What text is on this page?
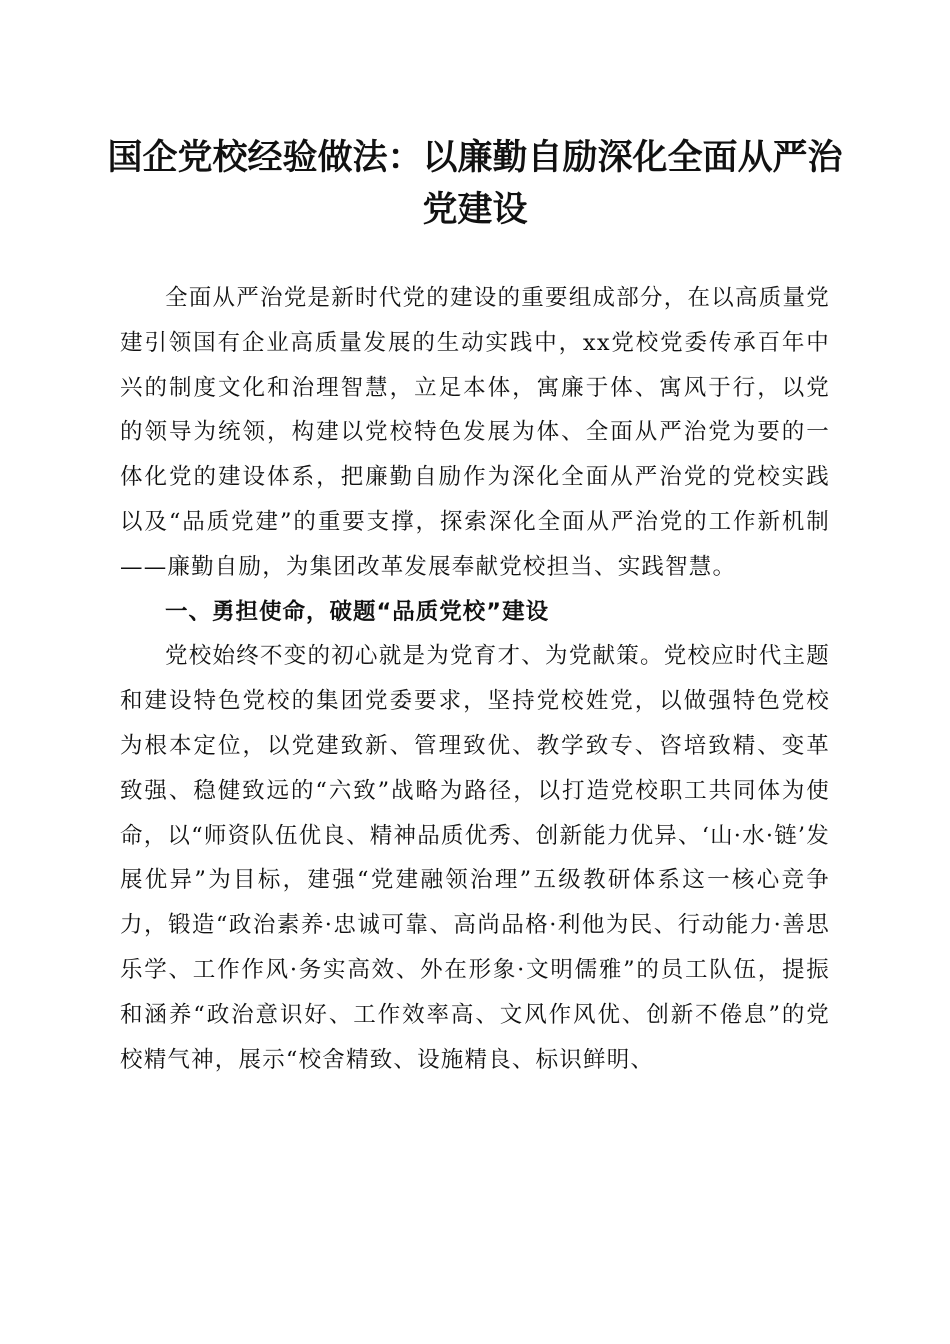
国企党校经验做法：以廉勤自励深化全面从严治党建设

全面从严治党是新时代党的建设的重要组成部分，在以高质量党建引领国有企业高质量发展的生动实践中，xx党校党委传承百年中兴的制度文化和治理智慧，立足本体，寓廉于体、寓风于行，以党的领导为统领，构建以党校特色发展为体、全面从严治党为要的一体化党的建设体系，把廉勤自励作为深化全面从严治党的党校实践以及“品质党建”的重要支撑，探索深化全面从严治党的工作新机制——廉勤自励，为集团改革发展奉献党校担当、实践智慧。

一、勇担使命，破题“品质党校”建设

党校始终不变的初心就是为党育才、为党献策。党校应时代主题和建设特色党校的集团党委要求，坚持党校姓党，以做强特色党校为根本定位，以党建致新、管理致优、教学致专、咨培致精、变革致强、稳健致远的“六致”战略为路径，以打造党校职工共同体为使命，以“师资队伍优良、精神品质优秀、创新能力优异、‘山·水·链’发展优异”为目标，建强“党建融领治理”五级教研体系这一核心竞争力，锻造“政治素养·忠诚可靠、高尚品格·利他为民、行动能力·善思乐学、工作作风·务实高效、外在形象·文明儒雅”的员工队伍，提振和涵养“政治意识好、工作效率高、文风作风优、创新不倦息”的党校精气神，展示“校舍精致、设施精良、标识鲜明、
